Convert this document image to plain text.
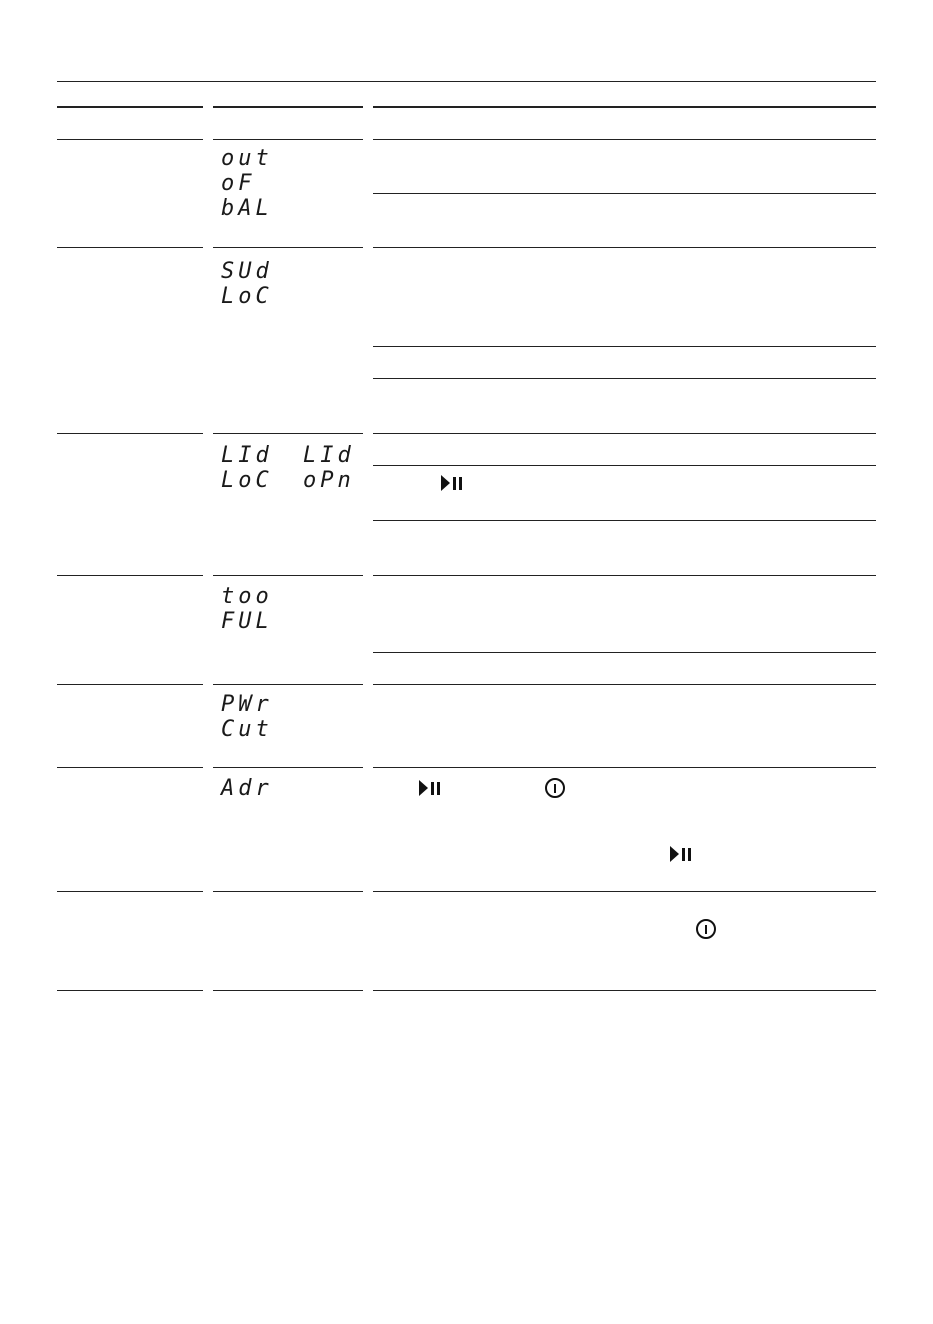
out
oF
bAL
SUd
LoC
LId
LoC
LId
oPn
too
FUL
PWr
Cut
Adr
